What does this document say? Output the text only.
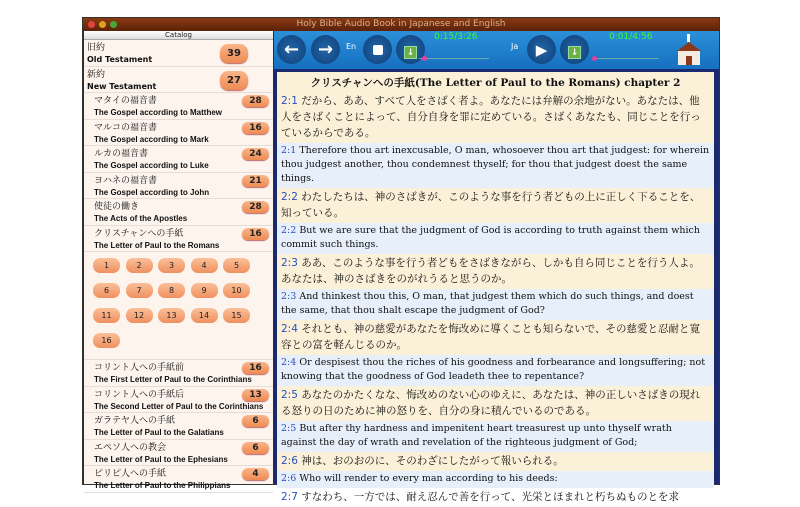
Holy Bible Audio Book in Japanese and English
Catalog
旧約
Old Testament
39
新約
New Testament
27
マタイの福音書
The Gospel according to Matthew
28
マルコの福音書
The Gospel according to Mark
16
ルカの福音書
The Gospel according to Luke
24
ヨハネの福音書
The Gospel according to John
21
使徒の働き
The Acts of the Apostles
28
クリスチャンへの手紙
The Letter of Paul to the Romans
16
1	2	3	4	5
6	7	8	9	10
11	12	13	14	15
16
コリント人への手紙前
The First Letter of Paul to the Corinthians
16
コリント人への手紙后
The Second Letter of Paul to the Corinthians
13
ガラテヤ人への手紙
The Letter of Paul to the Galatians
6
エペソ人への教会
The Letter of Paul to the Ephesians
6
ピリピ人への手紙
The Letter of Paul to the Philippians
4
←	→	En
↓
0:15/3:26
Ja	▶	↓
0:01/4:56
クリスチャンへの手紙(The Letter of Paul to the Romans) chapter 2
2:1 だから、ああ、すべて人をさばく者よ。あなたには弁解の余地がない。あなたは、他人をさばくことによって、自分自身を罪に定めている。さばくあなたも、同じことを行っているからである。
2:1 Therefore thou art inexcusable, O man, whosoever thou art that judgest: for wherein thou judgest another, thou condemnest thyself; for thou that judgest doest the same things.
2:2 わたしたちは、神のさばきが、このような事を行う者どもの上に正しく下ることを、知っている。
2:2 But we are sure that the judgment of God is according to truth against them which commit such things.
2:3 ああ、このような事を行う者どもをさばきながら、しかも自ら同じことを行う人よ。あなたは、神のさばきをのがれうると思うのか。
2:3 And thinkest thou this, O man, that judgest them which do such things, and doest the same, that thou shalt escape the judgment of God?
2:4 それとも、神の慈愛があなたを悔改めに導くことも知らないで、その慈愛と忍耐と寛容との富を軽んじるのか。
2:4 Or despisest thou the riches of his goodness and forbearance and longsuffering; not knowing that the goodness of God leadeth thee to repentance?
2:5 あなたのかたくなな、悔改めのない心のゆえに、あなたは、神の正しいさばきの現れる怒りの日のために神の怒りを、自分の身に積んでいるのである。
2:5 But after thy hardness and impenitent heart treasurest up unto thyself wrath against the day of wrath and revelation of the righteous judgment of God;
2:6 神は、おのおのに、そのわざにしたがって報いられる。
2:6 Who will render to every man according to his deeds:
2:7 すなわち、一方では、耐え忍んで善を行って、光栄とほまれと朽ちぬものとを求
